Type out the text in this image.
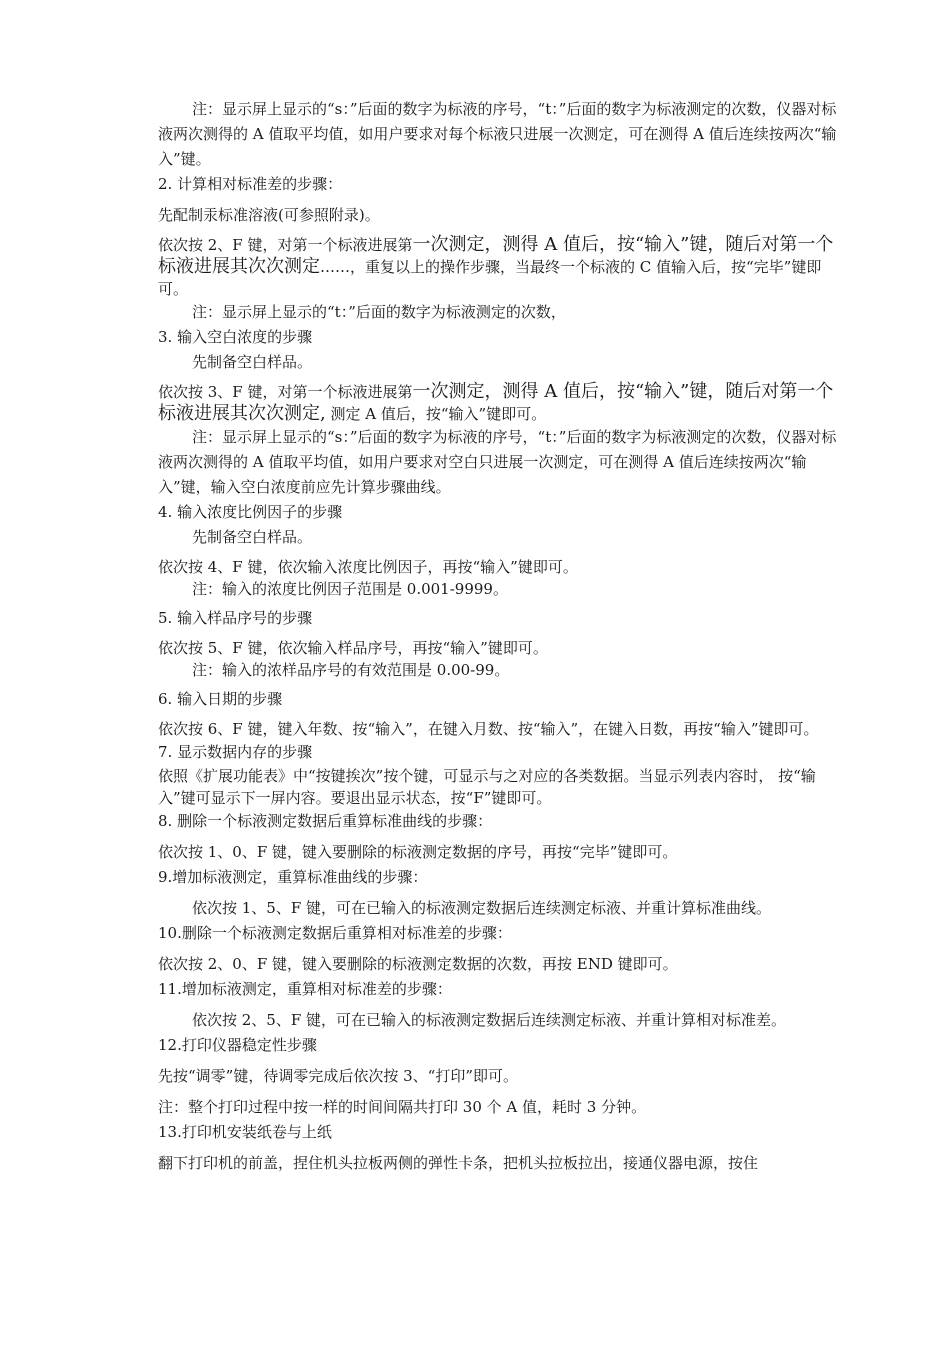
注：显示屏上显示的“s：”后面的数字为标液的序号，“t：”后面的数字为标液测定的次数，仪器对标液两次测得的 A 值取平均值，如用户要求对每个标液只进展一次测定，可在测得 A 值后连续按两次“输入”键。

2. 计算相对标准差的步骤：

先配制汞标准溶液(可参照附录)。

依次按 2、F 键，对第一个标液进展第一次测定，测得 A 值后，按“输入”键，随后对第一个标液进展其次次测定……，重复以上的操作步骤，当最终一个标液的 C 值输入后，按“完毕”键即可。

注：显示屏上显示的“t：”后面的数字为标液测定的次数，

3. 输入空白浓度的步骤

先制备空白样品。

依次按 3、F 键，对第一个标液进展第一次测定，测得 A 值后，按“输入”键，随后对第一个标液进展其次次测定, 测定 A 值后，按“输入”键即可。

注：显示屏上显示的“s：”后面的数字为标液的序号，“t：”后面的数字为标液测定的次数，仪器对标液两次测得的 A 值取平均值，如用户要求对空白只进展一次测定，可在测得 A 值后连续按两次“输入”键，输入空白浓度前应先计算步骤曲线。

4. 输入浓度比例因子的步骤

先制备空白样品。

依次按 4、F 键，依次输入浓度比例因子，再按“输入”键即可。

注：输入的浓度比例因子范围是 0.001-9999。

5. 输入样品序号的步骤

依次按 5、F 键，依次输入样品序号，再按“输入”键即可。

注：输入的浓样品序号的有效范围是 0.00-99。

6. 输入日期的步骤

依次按 6、F 键，键入年数、按“输入”，在键入月数、按“输入”，在键入日数，再按“输入”键即可。

7. 显示数据内存的步骤

依照《扩展功能表》中“按键挨次”按个键，可显示与之对应的各类数据。当显示列表内容时， 按“输入”键可显示下一屏内容。要退出显示状态，按“F”键即可。

8. 删除一个标液测定数据后重算标准曲线的步骤：

依次按 1、0、F 键，键入要删除的标液测定数据的序号，再按“完毕”键即可。

9.增加标液测定，重算标准曲线的步骤：

依次按 1、5、F 键，可在已输入的标液测定数据后连续测定标液、并重计算标准曲线。

10.删除一个标液测定数据后重算相对标准差的步骤：

依次按 2、0、F 键，键入要删除的标液测定数据的次数，再按 END 键即可。

11.增加标液测定，重算相对标准差的步骤：

依次按 2、5、F 键，可在已输入的标液测定数据后连续测定标液、并重计算相对标准差。

12.打印仪器稳定性步骤

先按“调零”键，待调零完成后依次按 3、“打印”即可。

注：整个打印过程中按一样的时间间隔共打印 30 个 A 值，耗时 3 分钟。

13.打印机安装纸卷与上纸

翻下打印机的前盖，捏住机头拉板两侧的弹性卡条，把机头拉板拉出，接通仪器电源，按住
